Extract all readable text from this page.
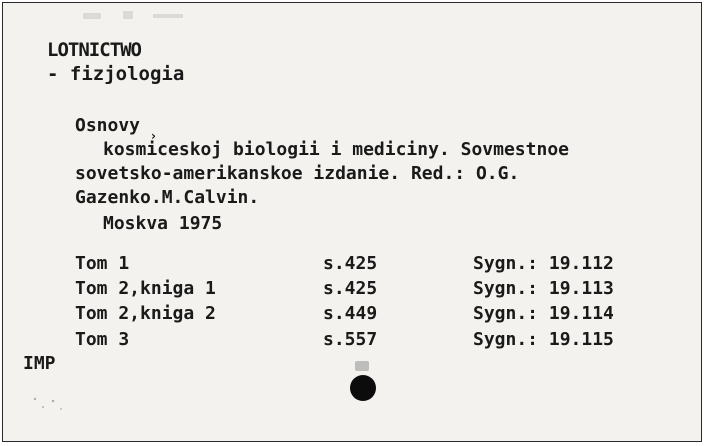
LOTNICTWO
- fizjologia
Osnovy ›
kosmiceskoj biologii i mediciny. Sovmestnoe
sovetsko-amerikanskoe izdanie. Red.: O.G.
Gazenko.M.Calvin.
Moskva 1975
Tom 1	s.425	Sygn.: 19.112
Tom 2,kniga 1	s.425	Sygn.: 19.113
Tom 2,kniga 2	s.449	Sygn.: 19.114
Tom 3	s.557	Sygn.: 19.115
IMP
